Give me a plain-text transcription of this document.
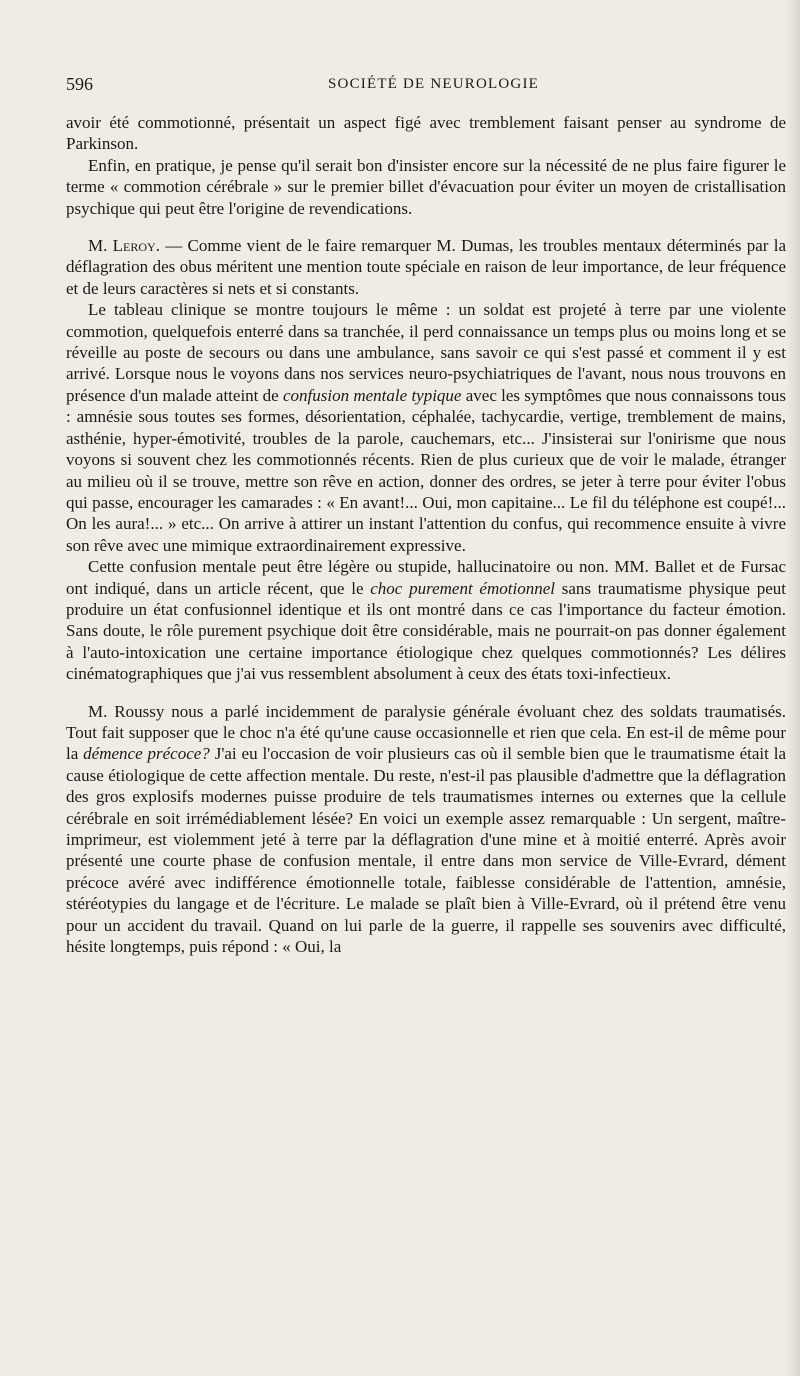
596	SOCIÉTÉ DE NEUROLOGIE

avoir été commotionné, présentait un aspect figé avec tremblement faisant penser au syndrome de Parkinson.

Enfin, en pratique, je pense qu'il serait bon d'insister encore sur la nécessité de ne plus faire figurer le terme « commotion cérébrale » sur le premier billet d'évacuation pour éviter un moyen de cristallisation psychique qui peut être l'origine de revendications.

M. Leroy. — Comme vient de le faire remarquer M. Dumas, les troubles mentaux déterminés par la déflagration des obus méritent une mention toute spéciale en raison de leur importance, de leur fréquence et de leurs caractères si nets et si constants.

Le tableau clinique se montre toujours le même : un soldat est projeté à terre par une violente commotion, quelquefois enterré dans sa tranchée, il perd connaissance un temps plus ou moins long et se réveille au poste de secours ou dans une ambulance, sans savoir ce qui s'est passé et comment il y est arrivé. Lorsque nous le voyons dans nos services neuro-psychiatriques de l'avant, nous nous trouvons en présence d'un malade atteint de confusion mentale typique avec les symptômes que nous connaissons tous : amnésie sous toutes ses formes, désorientation, céphalée, tachycardie, vertige, tremblement de mains, asthénie, hyper-émotivité, troubles de la parole, cauchemars, etc... J'insisterai sur l'onirisme que nous voyons si souvent chez les commotionnés récents. Rien de plus curieux que de voir le malade, étranger au milieu où il se trouve, mettre son rêve en action, donner des ordres, se jeter à terre pour éviter l'obus qui passe, encourager les camarades : « En avant!... Oui, mon capitaine... Le fil du téléphone est coupé!... On les aura!... » etc... On arrive à attirer un instant l'attention du confus, qui recommence ensuite à vivre son rêve avec une mimique extraordinairement expressive.

Cette confusion mentale peut être légère ou stupide, hallucinatoire ou non. MM. Ballet et de Fursac ont indiqué, dans un article récent, que le choc purement émotionnel sans traumatisme physique peut produire un état confusionnel identique et ils ont montré dans ce cas l'importance du facteur émotion. Sans doute, le rôle purement psychique doit être considérable, mais ne pourrait-on pas donner également à l'auto-intoxication une certaine importance étiologique chez quelques commotionnés? Les délires cinématographiques que j'ai vus ressemblent absolument à ceux des états toxi-infectieux.

M. Roussy nous a parlé incidemment de paralysie générale évoluant chez des soldats traumatisés. Tout fait supposer que le choc n'a été qu'une cause occasionnelle et rien que cela. En est-il de même pour la démence précoce? J'ai eu l'occasion de voir plusieurs cas où il semble bien que le traumatisme était la cause étiologique de cette affection mentale. Du reste, n'est-il pas plausible d'admettre que la déflagration des gros explosifs modernes puisse produire de tels traumatismes internes ou externes que la cellule cérébrale en soit irrémédiablement lésée? En voici un exemple assez remarquable : Un sergent, maître-imprimeur, est violemment jeté à terre par la déflagration d'une mine et à moitié enterré. Après avoir présenté une courte phase de confusion mentale, il entre dans mon service de Ville-Evrard, dément précoce avéré avec indifférence émotionnelle totale, faiblesse considérable de l'attention, amnésie, stéréotypies du langage et de l'écriture. Le malade se plaît bien à Ville-Evrard, où il prétend être venu pour un accident du travail. Quand on lui parle de la guerre, il rappelle ses souvenirs avec difficulté, hésite longtemps, puis répond : « Oui, la
